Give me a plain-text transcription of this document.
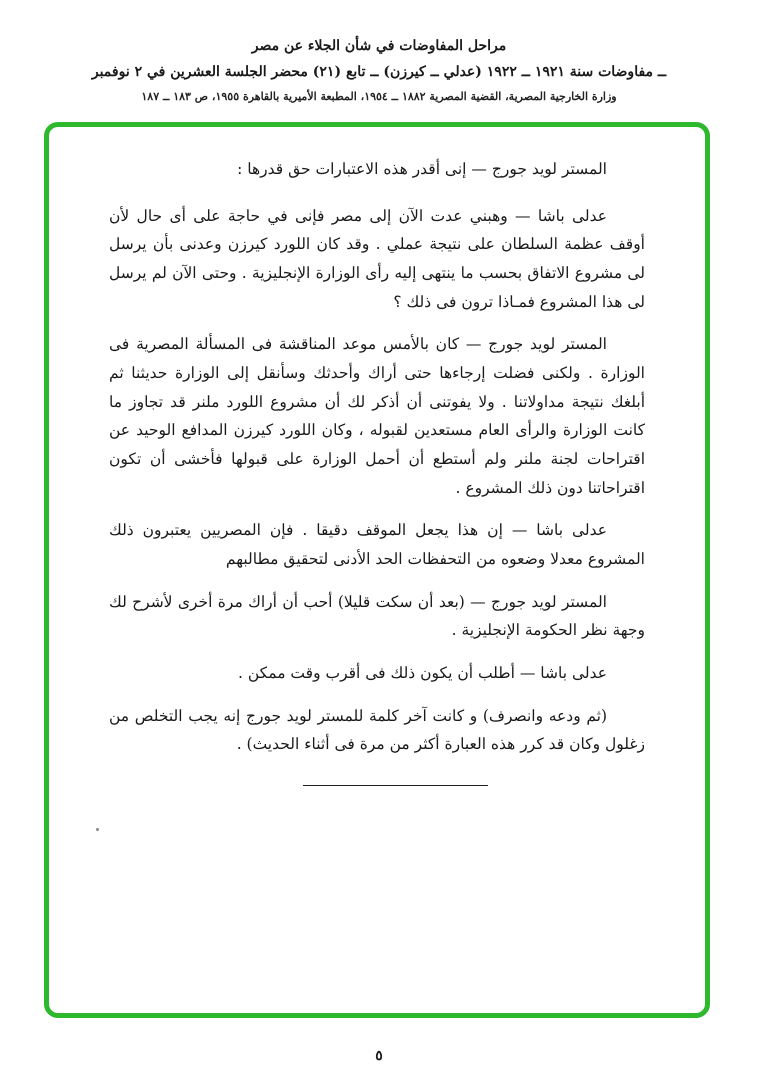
مراحل المفاوضات في شأن الجلاء عن مصر

ــ مفاوضات سنة ١٩٢١ ــ ١٩٢٢ (عدلي ــ كيرزن) ــ تابع (٢١) محضر الجلسة العشرين في ٢ نوفمبر

وزارة الخارجية المصرية، القضية المصرية ١٨٨٢ ــ ١٩٥٤، المطبعة الأميرية بالقاهرة ١٩٥٥، ص ١٨٣ ــ ١٨٧

المستر لويد جورج — إنى أقدر هذه الاعتبارات حق قدرها :

عدلى باشا — وهبني عدت الآن إلى مصر فإنى في حاجة على أى حال لأن أوقف عظمة السلطان على نتيجة عملي . وقد كان اللورد كيرزن وعدنى بأن يرسل لى مشروع الاتفاق بحسب ما ينتهى إليه رأى الوزارة الإنجليزية . وحتى الآن لم يرسل لى هذا المشروع فمـاذا ترون فى ذلك ؟

المستر لويد جورج — كان بالأمس موعد المناقشة فى المسألة المصرية فى الوزارة . ولكنى فضلت إرجاءها حتى أراك وأحدثك وسأنقل إلى الوزارة حديثنا ثم أبلغك نتيجة مداولاتنا . ولا يفوتنى أن أذكر لك أن مشروع اللورد ملنر قد تجاوز ما كانت الوزارة والرأى العام مستعدين لقبوله ، وكان اللورد كيرزن المدافع الوحيد عن اقتراحات لجنة ملنر ولم أستطع أن أحمل الوزارة على قبولها فأخشى أن تكون اقتراحاتنا دون ذلك المشروع .

عدلى باشا — إن هذا يجعل الموقف دقيقا . فإن المصريين يعتبرون ذلك المشروع معدلا وضعوه من التحفظات الحد الأدنى لتحقيق مطالبهم

المستر لويد جورج — (بعد أن سكت قليلا) أحب أن أراك مرة أخرى لأشرح لك وجهة نظر الحكومة الإنجليزية .

عدلى باشا — أطلب أن يكون ذلك فى أقرب وقت ممكن .

(ثم ودعه وانصرف) و كانت آخر كلمة للمستر لويد جورج إنه يجب التخلص من زغلول وكان قد كرر هذه العبارة أكثر من مرة فى أثناء الحديث) .

٥
